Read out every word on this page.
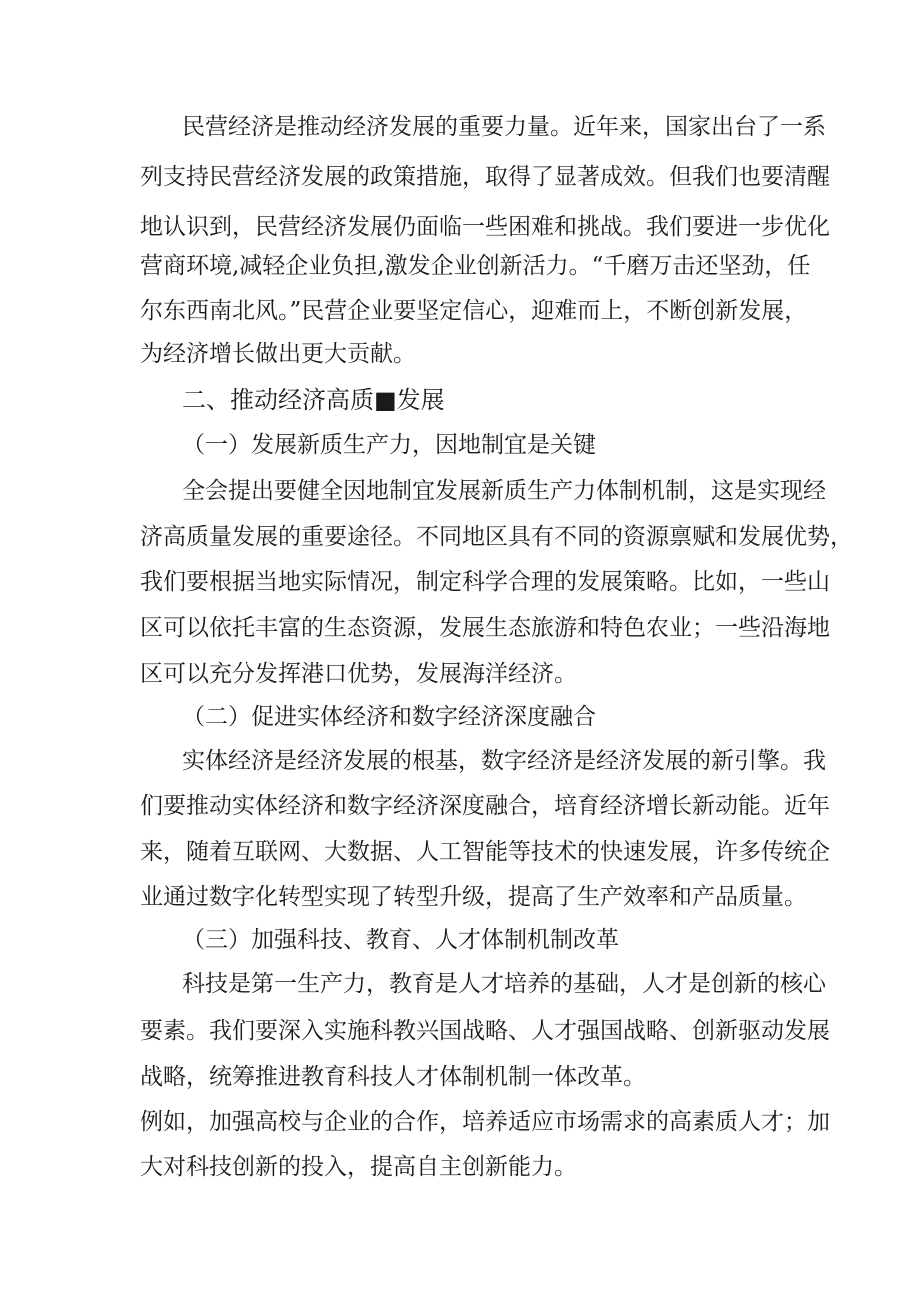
民营经济是推动经济发展的重要力量。近年来，国家出台了一系
列支持民营经济发展的政策措施，取得了显著成效。但我们也要清醒
地认识到，民营经济发展仍面临一些困难和挑战。我们要进一步优化
营商环境,减轻企业负担,激发企业创新活力。“千磨万击还坚劲，任
尔东西南北风。”民营企业要坚定信心，迎难而上，不断创新发展，
为经济增长做出更大贡献。
二、推动经济高质■发展
（一）发展新质生产力，因地制宜是关键
全会提出要健全因地制宜发展新质生产力体制机制，这是实现经
济高质量发展的重要途径。不同地区具有不同的资源禀赋和发展优势，
我们要根据当地实际情况，制定科学合理的发展策略。比如，一些山
区可以依托丰富的生态资源，发展生态旅游和特色农业；一些沿海地
区可以充分发挥港口优势，发展海洋经济。
（二）促进实体经济和数字经济深度融合
实体经济是经济发展的根基，数字经济是经济发展的新引擎。我
们要推动实体经济和数字经济深度融合，培育经济增长新动能。近年
来，随着互联网、大数据、人工智能等技术的快速发展，许多传统企
业通过数字化转型实现了转型升级，提高了生产效率和产品质量。
（三）加强科技、教育、人才体制机制改革
科技是第一生产力，教育是人才培养的基础，人才是创新的核心
要素。我们要深入实施科教兴国战略、人才强国战略、创新驱动发展
战略，统筹推进教育科技人才体制机制一体改革。
例如，加强高校与企业的合作，培养适应市场需求的高素质人才；加
大对科技创新的投入，提高自主创新能力。
